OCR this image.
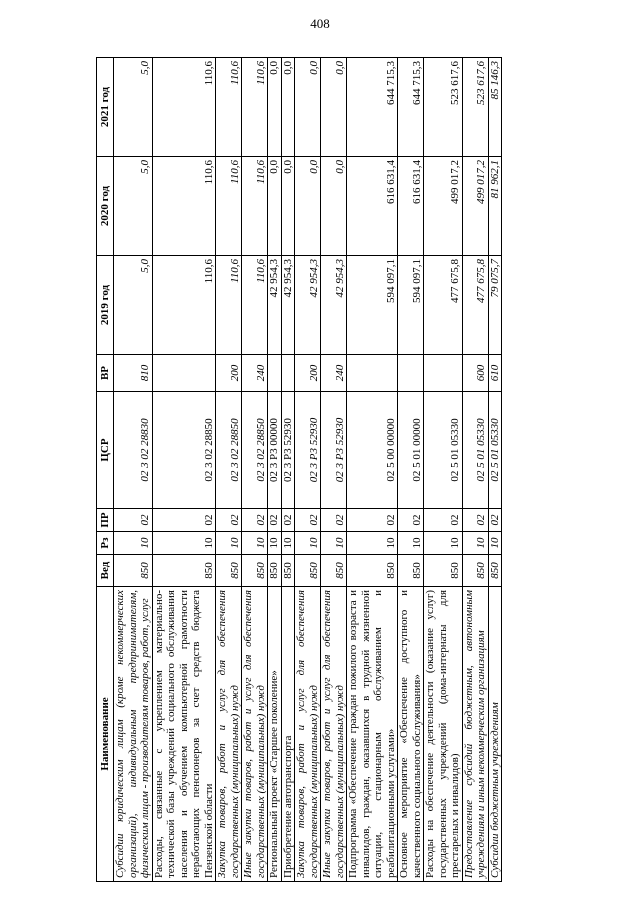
408
Наименование	Вед	Рз	ПР	ЦСР	ВР	2019 год	2020 год	2021 год
Субсидии юридическим лицам (кроме некоммерческих организаций), индивидуальным предпринимателям, физическим лицам - производителям товаров, работ, услуг	850	10	02	02 3 02 28830	810	5,0	5,0	5,0
Расходы, связанные с укреплением материально-технической базы учреждений социального обслуживания населения и обучением компьютерной грамотности неработающих пенсионеров за счет средств бюджета Пензенской области	850	10	02	02 3 02 28850		110,6	110,6	110,6
Закупка товаров, работ и услуг для обеспечения государственных (муниципальных) нужд	850	10	02	02 3 02 28850	200	110,6	110,6	110,6
Иные закупки товаров, работ и услуг для обеспечения государственных (муниципальных) нужд	850	10	02	02 3 02 28850	240	110,6	110,6	110,6
Региональный проект «Старшее поколение»	850	10	02	02 3 P3 00000		42 954,3	0,0	0,0
Приобретение автотранспорта	850	10	02	02 3 P3 52930		42 954,3	0,0	0,0
Закупка товаров, работ и услуг для обеспечения государственных (муниципальных) нужд	850	10	02	02 3 P3 52930	200	42 954,3	0,0	0,0
Иные закупки товаров, работ и услуг для обеспечения государственных (муниципальных) нужд	850	10	02	02 3 P3 52930	240	42 954,3	0,0	0,0
Подпрограмма «Обеспечение граждан пожилого возраста и инвалидов, граждан, оказавшихся в трудной жизненной ситуации, стационарным обслуживанием и реабилитационными услугами»	850	10	02	02 5 00 00000		594 097,1	616 631,4	644 715,3
Основное мероприятие «Обеспечение доступного и качественного социального обслуживания»	850	10	02	02 5 01 00000		594 097,1	616 631,4	644 715,3
Расходы на обеспечение деятельности (оказание услуг) государственных учреждений (дома-интернаты для престарелых и инвалидов)	850	10	02	02 5 01 05330		477 675,8	499 017,2	523 617,6
Предоставление субсидий бюджетным, автономным учреждениям и иным некоммерческим организациям	850	10	02	02 5 01 05330	600	477 675,8	499 017,2	523 617,6
Субсидии бюджетным учреждениям	850	10	02	02 5 01 05330	610	79 075,7	81 962,1	85 146,3
